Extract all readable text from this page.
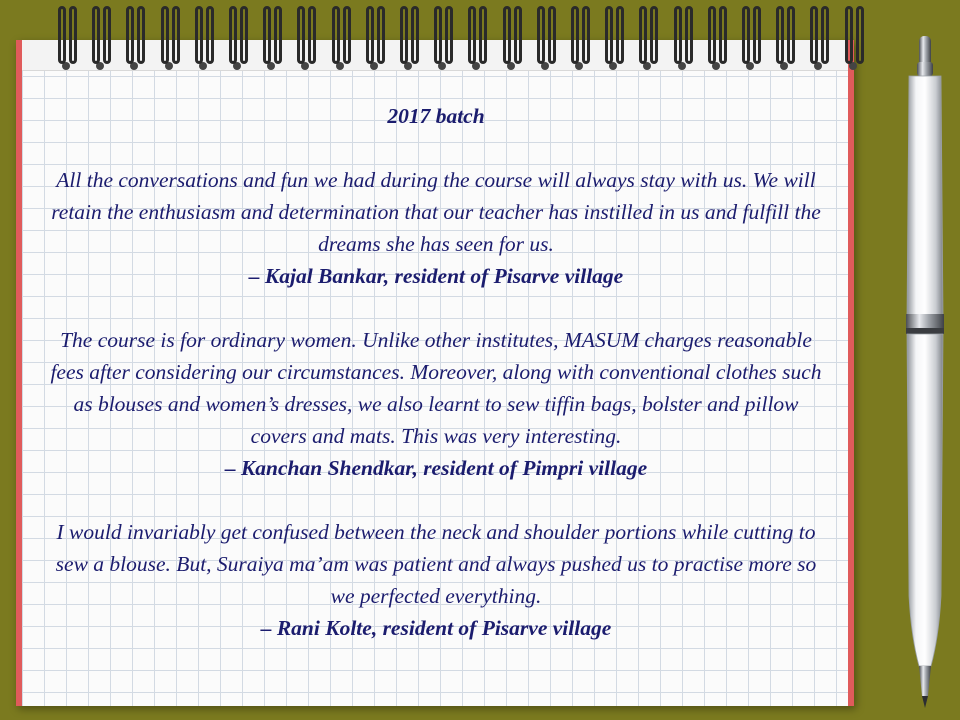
2017 batch
All the conversations and fun we had during the course will always stay with us. We will retain the enthusiasm and determination that our teacher has instilled in us and fulfill the dreams she has seen for us.
– Kajal Bankar, resident of Pisarve village
The course is for ordinary women. Unlike other institutes, MASUM charges reasonable fees after considering our circumstances. Moreover, along with conventional clothes such as blouses and women’s dresses, we also learnt to sew tiffin bags, bolster and pillow covers and mats. This was very interesting.
– Kanchan Shendkar, resident of Pimpri village
I would invariably get confused between the neck and shoulder portions while cutting to sew a blouse. But, Suraiya ma’am was patient and always pushed us to practise more so we perfected everything.
– Rani Kolte, resident of Pisarve village
